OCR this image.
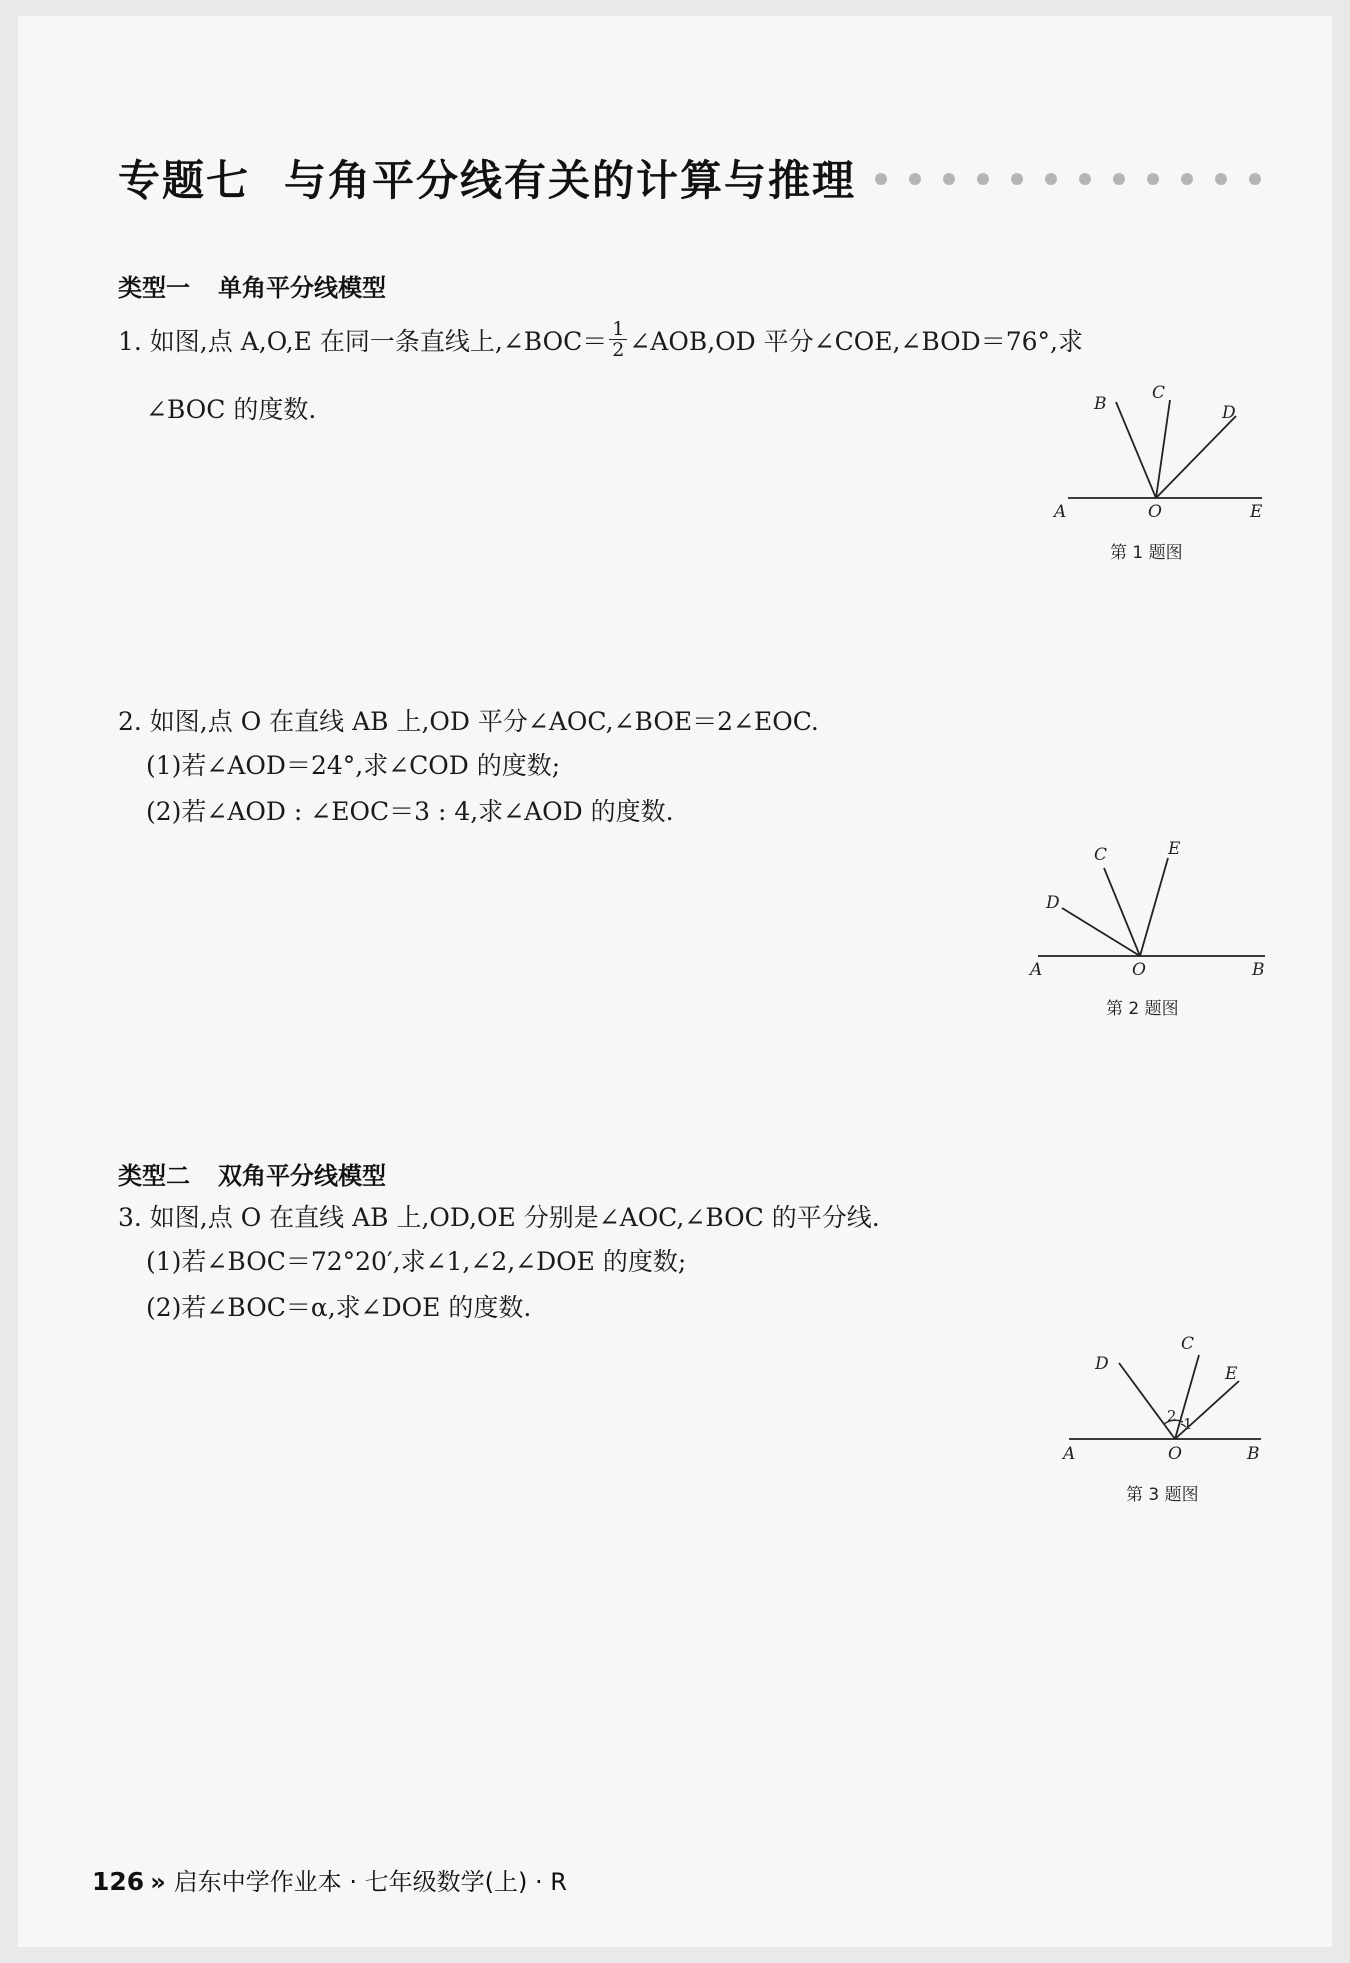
专题七 与角平分线有关的计算与推理
类型一 单角平分线模型
1. 如图,点 A,O,E 在同一条直线上,∠BOC＝ $\frac{1}{2}$ ∠AOB,OD 平分∠COE,∠BOD＝76°,求
∠BOC 的度数.
A	O	E
B
C
D
第 1 题图
2. 如图,点 O 在直线 AB 上,OD 平分∠AOC,∠BOE＝2∠EOC.
(1)若∠AOD＝24°,求∠COD 的度数;
(2)若∠AOD : ∠EOC＝3 : 4,求∠AOD 的度数.
A	O	B
C	E
D
第 2 题图
类型二 双角平分线模型
3. 如图,点 O 在直线 AB 上,OD,OE 分别是∠AOC,∠BOC 的平分线.
(1)若∠BOC＝72°20′,求∠1,∠2,∠DOE 的度数;
(2)若∠BOC＝α,求∠DOE 的度数.
A	O	B
D
C
E
2 1
第 3 题图
126 » 启东中学作业本 · 七年级数学(上) · R
